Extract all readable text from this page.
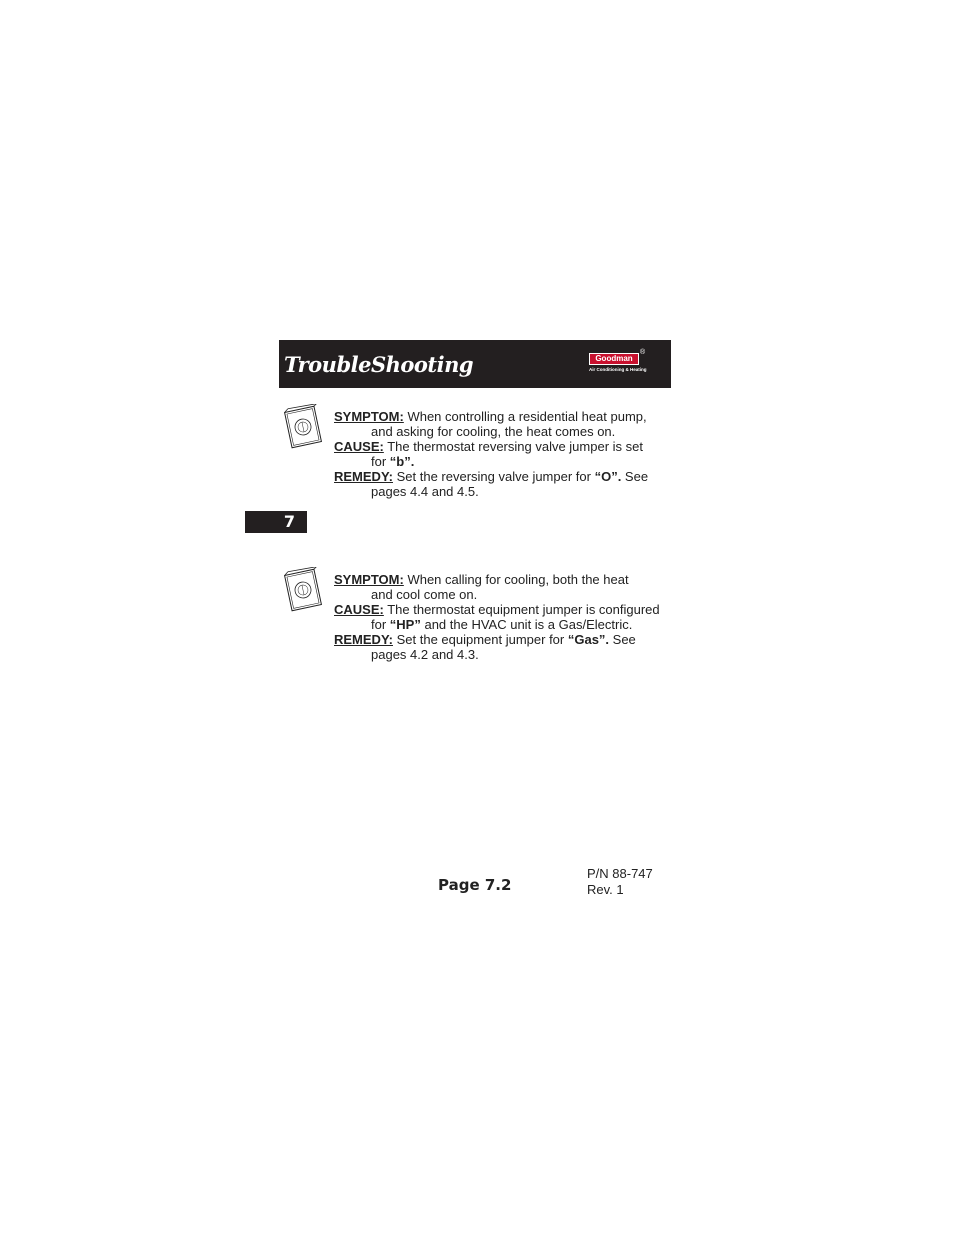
TroubleShooting	Goodman
®
Air Conditioning & Heating
7
SYMPTOM: When controlling a residential heat pump,
and asking for cooling, the heat comes on.
CAUSE: The thermostat reversing valve jumper is set
for “b”.
REMEDY: Set the reversing valve jumper for “O”. See
pages 4.4 and 4.5.
SYMPTOM: When calling for cooling, both the heat
and cool come on.
CAUSE: The thermostat equipment jumper is configured
for “HP” and the HVAC unit is a Gas/Electric.
REMEDY: Set the equipment jumper for “Gas”. See
pages 4.2 and 4.3.
Page 7.2
P/N 88-747
Rev. 1
